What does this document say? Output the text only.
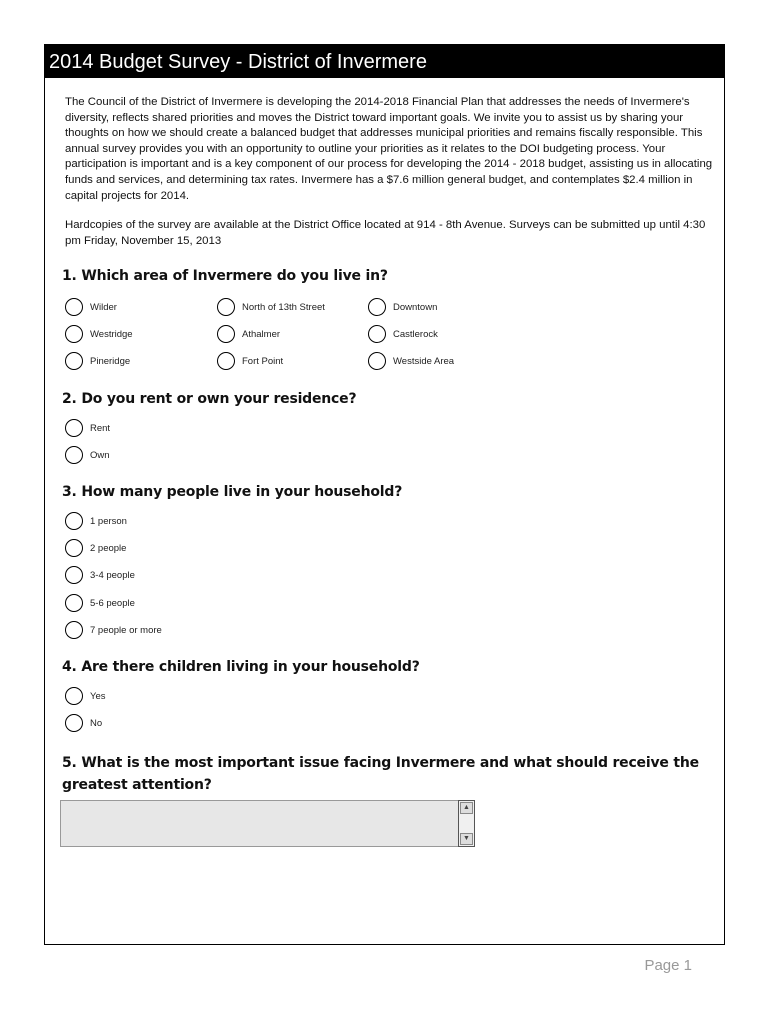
2014 Budget Survey - District of Invermere

The Council of the District of Invermere is developing the 2014-2018 Financial Plan that addresses the needs of Invermere's diversity, reflects shared priorities and moves the District toward important goals. We invite you to assist us by sharing your thoughts on how we should create a balanced budget that addresses municipal priorities and remains fiscally responsible. This annual survey provides you with an opportunity to outline your priorities as it relates to the DOI budgeting process. Your participation is important and is a key component of our process for developing the 2014 - 2018 budget, assisting us in allocating funds and services, and determining tax rates. Invermere has a $7.6 million general budget, and contemplates $2.4 million in capital projects for 2014.

Hardcopies of the survey are available at the District Office located at 914 - 8th Avenue. Surveys can be submitted up until 4:30 pm Friday, November 15, 2013

1. Which area of Invermere do you live in?

Wilder	North of 13th Street	Downtown
Westridge	Athalmer	Castlerock
Pineridge	Fort Point	Westside Area

2. Do you rent or own your residence?

Rent
Own

3. How many people live in your household?

1 person
2 people
3-4 people
5-6 people
7 people or more

4. Are there children living in your household?

Yes
No

5. What is the most important issue facing Invermere and what should receive the greatest attention?

▲
▼
Page 1
